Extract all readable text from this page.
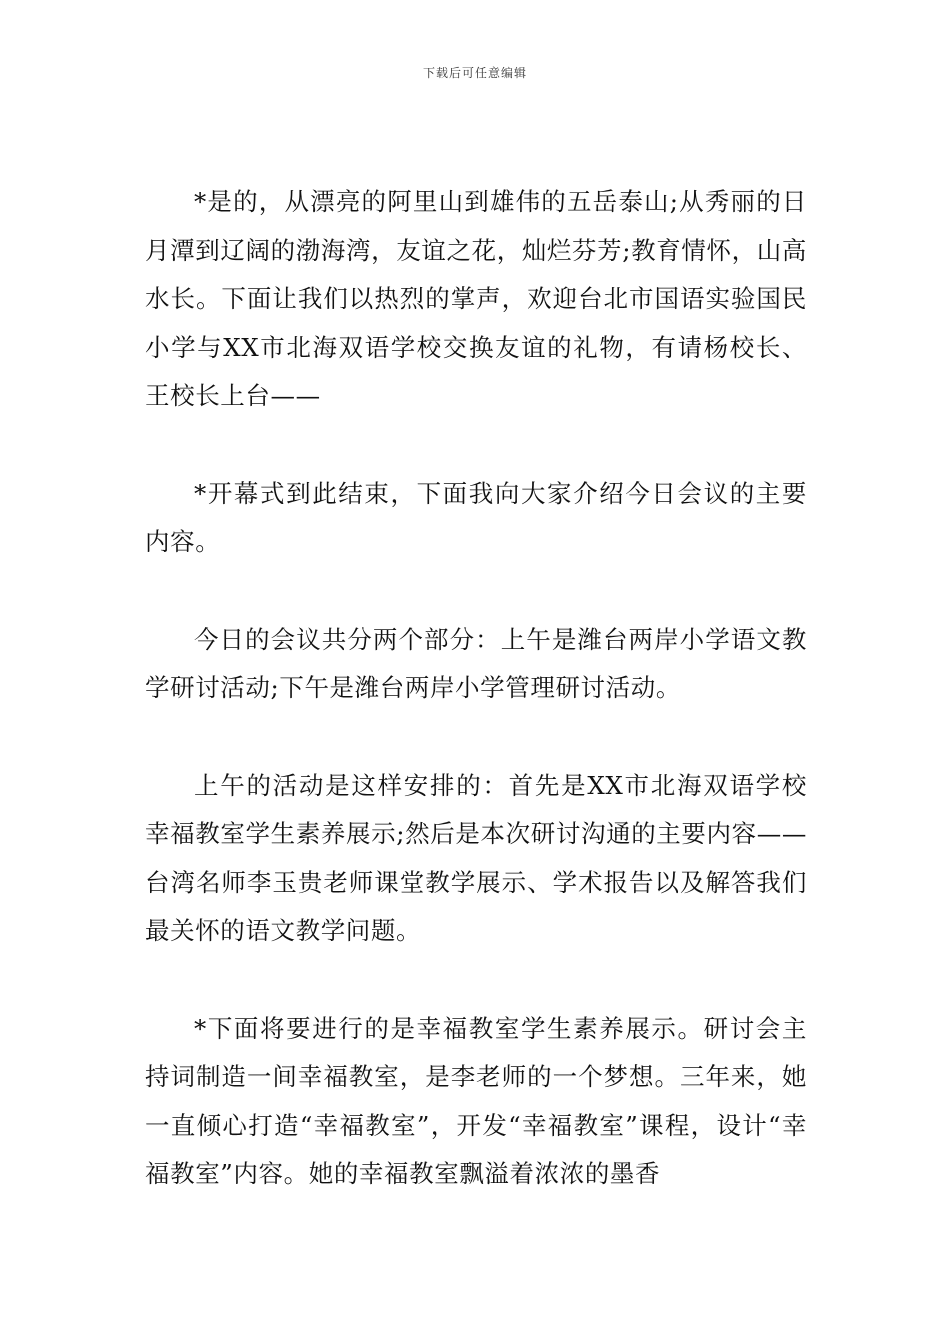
下载后可任意编辑

*是的，从漂亮的阿里山到雄伟的五岳泰山;从秀丽的日月潭到辽阔的渤海湾，友谊之花，灿烂芬芳;教育情怀，山高水长。下面让我们以热烈的掌声，欢迎台北市国语实验国民小学与XX市北海双语学校交换友谊的礼物，有请杨校长、王校长上台——

*开幕式到此结束，下面我向大家介绍今日会议的主要内容。

今日的会议共分两个部分：上午是潍台两岸小学语文教学研讨活动;下午是潍台两岸小学管理研讨活动。

上午的活动是这样安排的：首先是XX市北海双语学校幸福教室学生素养展示;然后是本次研讨沟通的主要内容——台湾名师李玉贵老师课堂教学展示、学术报告以及解答我们最关怀的语文教学问题。

*下面将要进行的是幸福教室学生素养展示。研讨会主持词制造一间幸福教室，是李老师的一个梦想。三年来，她一直倾心打造“幸福教室”，开发“幸福教室”课程，设计“幸福教室”内容。她的幸福教室飘溢着浓浓的墨香
